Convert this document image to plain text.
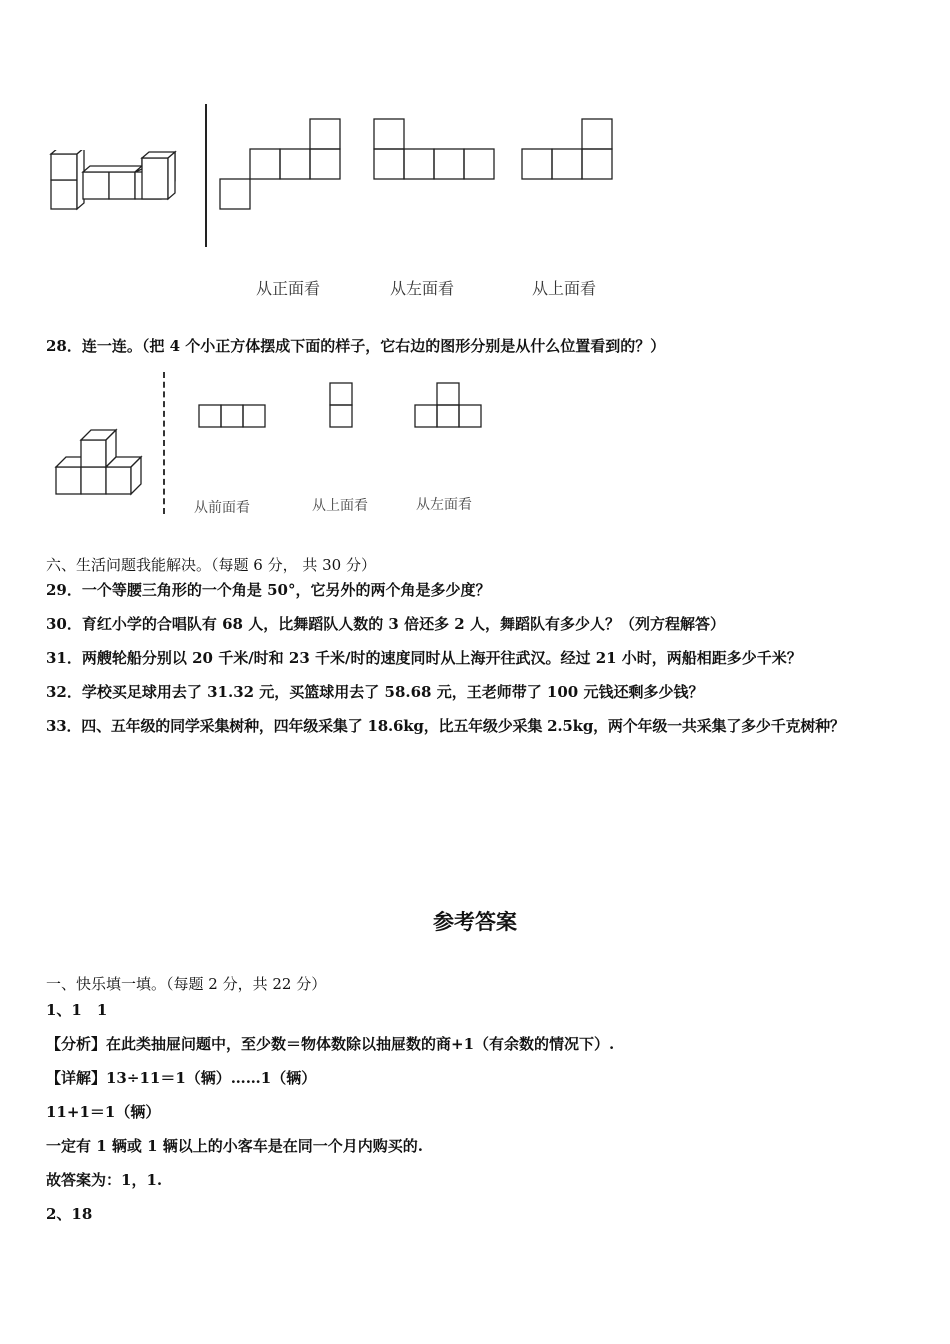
从正面看	从左面看	从上面看
28．连一连。（把 4 个小正方体摆成下面的样子，它右边的图形分别是从什么位置看到的？）
从前面看	从上面看	从左面看
六、生活问题我能解决。（每题 6 分， 共 30 分）
29．一个等腰三角形的一个角是 50°，它另外的两个角是多少度？
30．育红小学的合唱队有 68 人，比舞蹈队人数的 3 倍还多 2 人，舞蹈队有多少人？（列方程解答）
31．两艘轮船分别以 20 千米/时和 23 千米/时的速度同时从上海开往武汉。经过 21 小时，两船相距多少千米？
32．学校买足球用去了 31.32 元，买篮球用去了 58.68 元，王老师带了 100 元钱还剩多少钱？
33．四、五年级的同学采集树种，四年级采集了 18.6kg，比五年级少采集 2.5kg，两个年级一共采集了多少千克树种？
参考答案
一、快乐填一填。（每题 2 分，共 22 分）
1、1　1
【分析】在此类抽屉问题中，至少数＝物体数除以抽屉数的商+1（有余数的情况下）.
【详解】13÷11＝1（辆）……1（辆）
11+1＝1（辆）
一定有 1 辆或 1 辆以上的小客车是在同一个月内购买的.
故答案为：1，1.
2、18
